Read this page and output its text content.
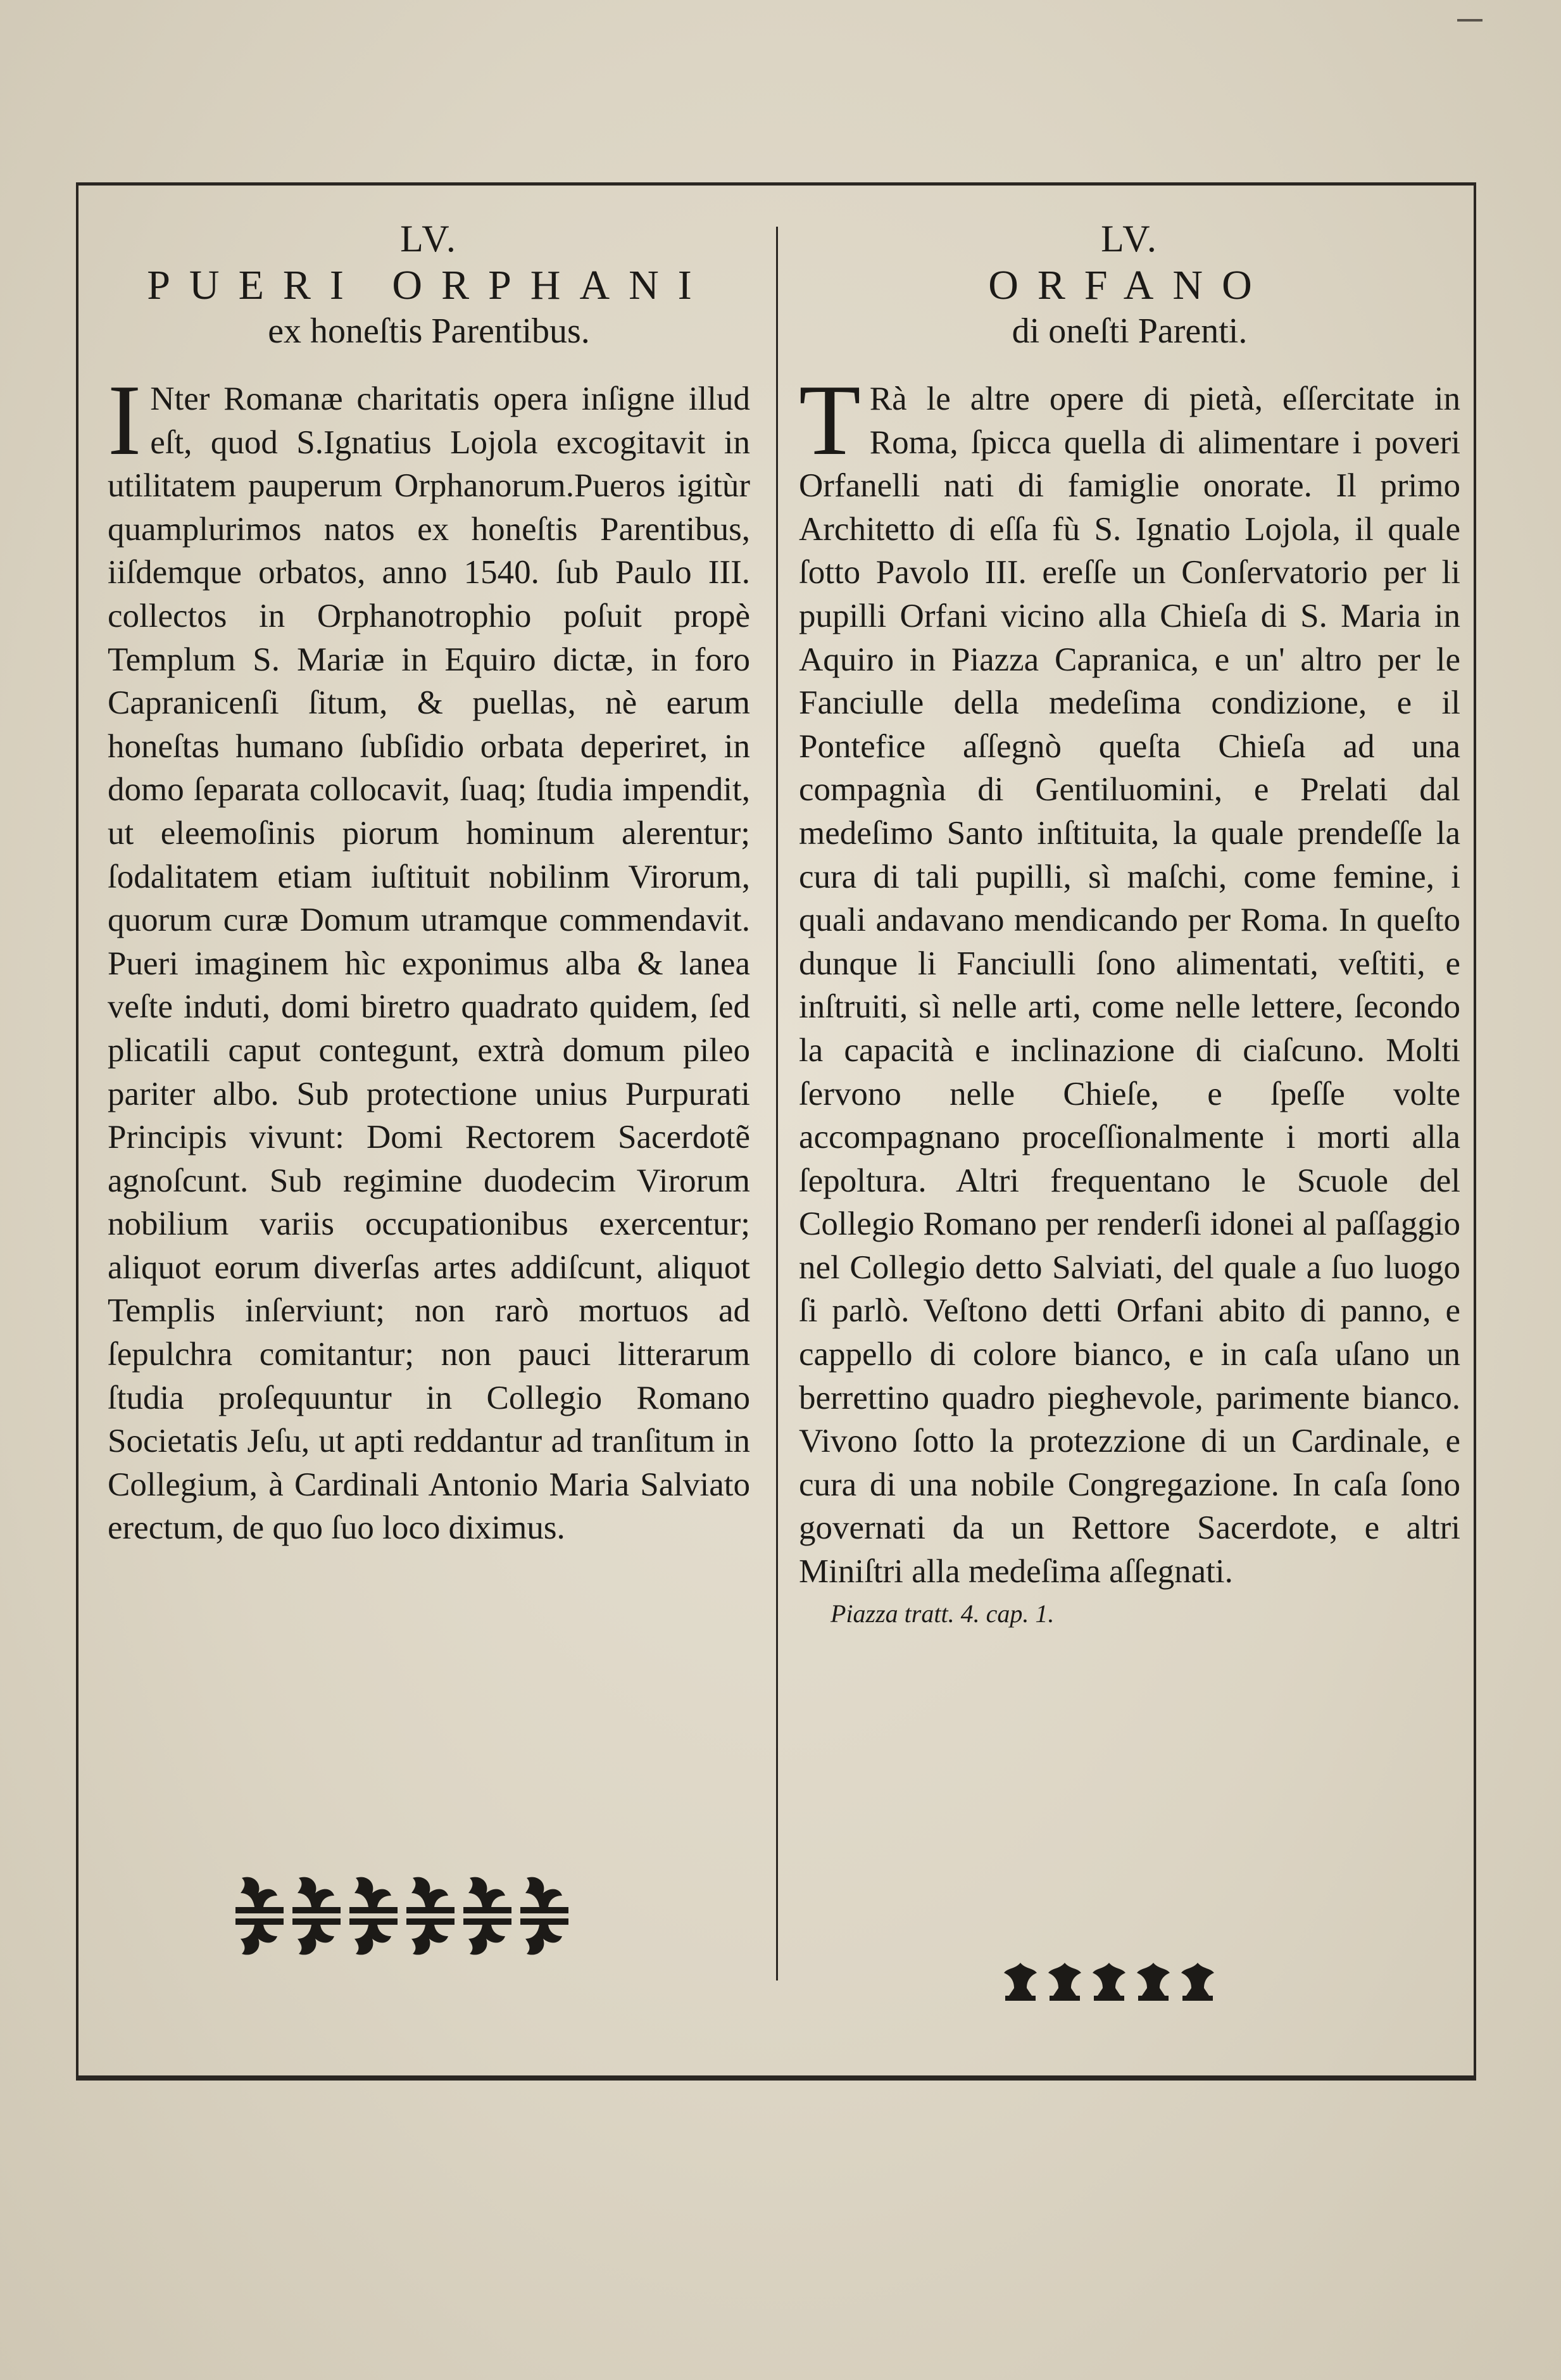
LV.
PUERI ORPHANI
ex honeſtis Parentibus.
I Nter Romanæ charitatis opera inſigne illud eſt, quod S.Ignatius Lojola excogitavit in utilitatem pauperum Orphanorum.Pueros igitùr quamplurimos natos ex honeſtis Parentibus, iiſdemque orbatos, anno 1540. ſub Paulo III. collectos in Orphanotrophio poſuit propè Templum S. Mariæ in Equiro dictæ, in foro Capranicenſi ſitum, & puellas, nè earum honeſtas humano ſubſidio orbata deperiret, in domo ſeparata collocavit, ſuaq; ſtudia impendit, ut eleemoſinis piorum hominum alerentur; ſodalitatem etiam iuſtituit nobilinm Virorum, quorum curæ Domum utramque commendavit. Pueri imaginem hìc exponimus alba & lanea veſte induti, domi biretro quadrato quidem, ſed plicatili caput contegunt, extrà domum pileo pariter albo. Sub protectione unius Purpurati Principis vivunt: Domi Rectorem Sacerdotẽ agnoſcunt. Sub regimine duodecim Virorum nobilium variis occupationibus exercentur; aliquot eorum diverſas artes addiſcunt, aliquot Templis inſerviunt; non rarò mortuos ad ſepulchra comitantur; non pauci litterarum ſtudia proſequuntur in Collegio Romano Societatis Jeſu, ut apti reddantur ad tranſitum in Collegium, à Cardinali Antonio Maria Salviato erectum, de quo ſuo loco diximus.
LV.
ORFANO
di oneſti Parenti.
T Rà le altre opere di pietà, eſſercitate in Roma, ſpicca quella di alimentare i poveri Orfanelli nati di famiglie onorate. Il primo Architetto di eſſa fù S. Ignatio Lojola, il quale ſotto Pavolo III. ereſſe un Conſervatorio per li pupilli Orfani vicino alla Chieſa di S. Maria in Aquiro in Piazza Capranica, e un' altro per le Fanciulle della medeſima condizione, e il Pontefice aſſegnò queſta Chieſa ad una compagnìa di Gentiluomini, e Prelati dal medeſimo Santo inſtituita, la quale prendeſſe la cura di tali pupilli, sì maſchi, come femine, i quali andavano mendicando per Roma. In queſto dunque li Fanciulli ſono alimentati, veſtiti, e inſtruiti, sì nelle arti, come nelle lettere, ſecondo la capacità e inclinazione di ciaſcuno. Molti ſervono nelle Chieſe, e ſpeſſe volte accompagnano proceſſionalmente i morti alla ſepoltura. Altri frequentano le Scuole del Collegio Romano per renderſi idonei al paſſaggio nel Collegio detto Salviati, del quale a ſuo luogo ſi parlò. Veſtono detti Orfani abito di panno, e cappello di colore bianco, e in caſa uſano un berrettino quadro pieghevole, parimente bianco. Vivono ſotto la protezzione di un Cardinale, e cura di una nobile Congregazione. In caſa ſono governati da un Rettore Sacerdote, e altri Miniſtri alla medeſima aſſegnati.
Piazza tratt. 4. cap. 1.
